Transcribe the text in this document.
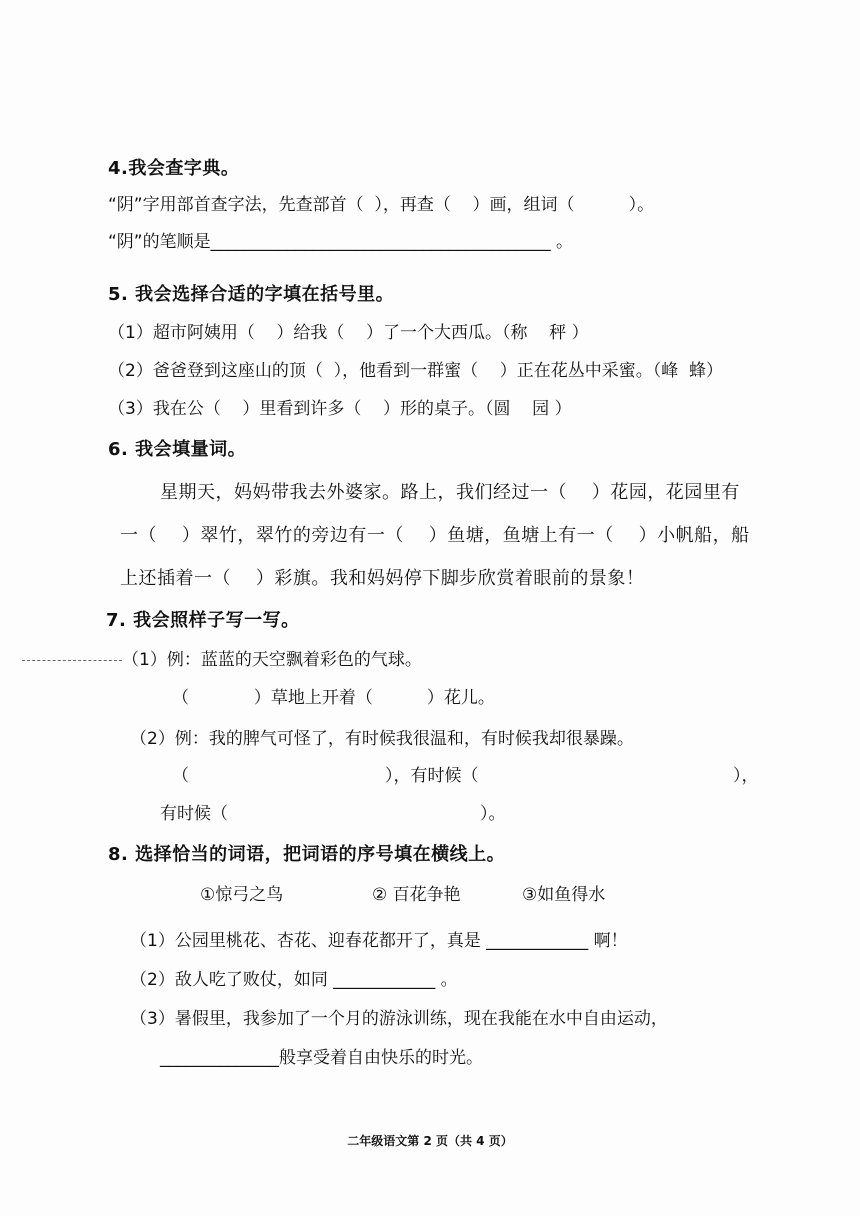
4.我会查字典。
“阴”字用部首查字法，先查部首（  ），再查（    ）画，组词（          ）。
“阴”的笔顺是________________________________________ 。
5. 我会选择合适的字填在括号里。
（1）超市阿姨用（    ）给我（    ）了一个大西瓜。（称    秤 ）
（2）爸爸登到这座山的顶（  ），他看到一群蜜（    ）正在花丛中采蜜。（峰  蜂）
（3）我在公（    ）里看到许多（    ）形的桌子。（圆    园 ）
6. 我会填量词。
星期天，妈妈带我去外婆家。路上，我们经过一（    ）花园，花园里有
一（    ）翠竹，翠竹的旁边有一（    ）鱼塘，鱼塘上有一（    ）小帆船，船
上还插着一（    ）彩旗。我和妈妈停下脚步欣赏着眼前的景象！
7. 我会照样子写一写。
（1）例：蓝蓝的天空飘着彩色的气球。
（            ）草地上开着（          ）花儿。
（2）例：我的脾气可怪了，有时候我很温和，有时候我却很暴躁。
（	），有时候（	），
有时候（	）。
8. 选择恰当的词语，把词语的序号填在横线上。
①惊弓之鸟	② 百花争艳	③如鱼得水
（1）公园里桃花、杏花、迎春花都开了，真是 ____________ 啊！
（2）敌人吃了败仗，如同 ____________ 。
（3）暑假里，我参加了一个月的游泳训练，现在我能在水中自由运动，
______________般享受着自由快乐的时光。
二年级语文第 2 页（共 4 页）
